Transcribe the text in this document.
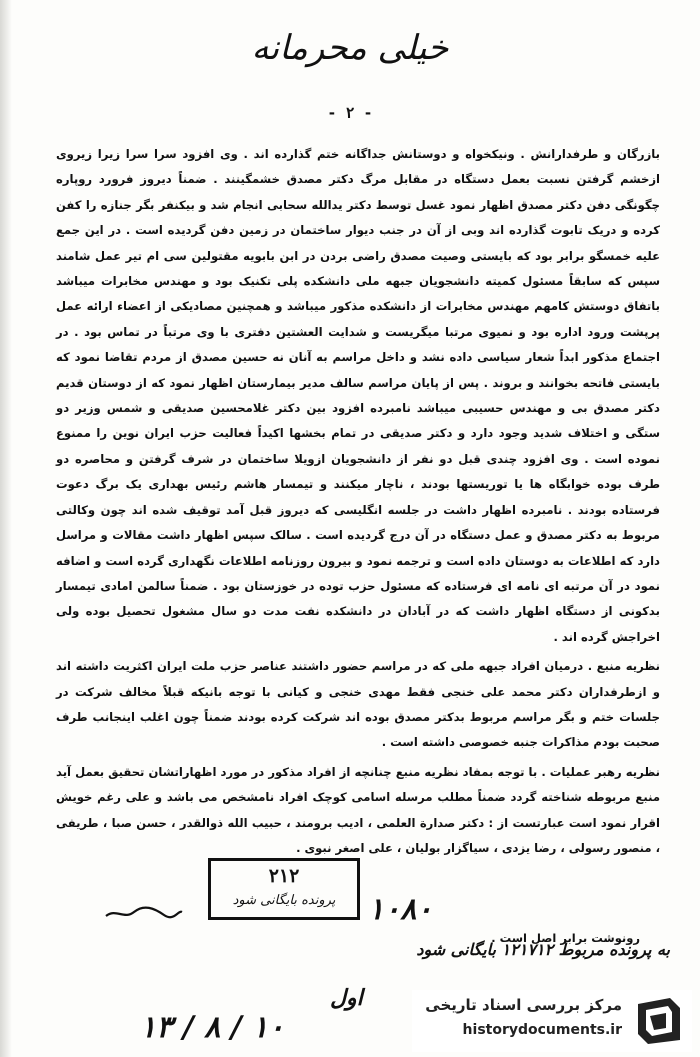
خیلی محرمانه
- ۲ -

بازرگان و طرفدارانش . ونیکخواه و دوستانش جداگانه ختم گذارده اند . وی افزود سرا سرا زیرا زیروی ازخشم گرفتن نسبت بعمل دستگاه در مقابل مرگ دکتر مصدق خشمگینند . ضمناً دیروز فرورد روپاره چگونگی دفن دکتر مصدق اظهار نمود غسل توسط دکتر یدالله سحابی انجام شد و بیکنفر بگر جنازه را کفن کرده و دریک تابوت گذارده اند وبی از آن در جنب دیوار ساختمان در زمین دفن گردیده است . در این جمع علیه خمسگو برابر بود که بایستی وصیت مصدق راضی بردن در ابن بابویه مقتولین سی ام تیر عمل شامند سپس که سابقاً مسئول کمیته دانشجویان جبهه ملی دانشکده پلی تکنیک بود و مهندس مخابرات میباشد باتفاق دوستش کامهم مهندس مخابرات از دانشکده مذکور میباشد و همچنین مصادیکی از اعضاء ارائه عمل پرپشت ورود اداره بود و نمیوی مرتبا میگریست و شدایت العشتین دفتری با وی مرتباً در تماس بود . در اجتماع مذکور ابداً شعار سیاسی داده نشد و داخل مراسم به آنان نه حسین مصدق از مردم تقاضا نمود که بایستی فاتحه بخوانند و بروند . پس از پایان مراسم سالف مدیر بیمارستان اظهار نمود که از دوستان قدیم دکتر مصدق بی و مهندس حسیبی میباشد نامبرده افزود بین دکتر غلامحسین صدیقی و شمس وزیر دو ستگی و اختلاف شدید وجود دارد و دکتر صدیقی در تمام بخشها اکیداً فعالیت حزب ایران نوین را ممنوع نموده است . وی افزود چندی قبل دو نفر از دانشجویان ازویلا ساختمان در شرف گرفتن و محاصره دو طرف بوده خوابگاه ها یا توریستها بودند ، ناچار میکنند و تیمسار هاشم رئیس بهداری یک برگ دعوت فرستاده بودند . نامبرده اظهار داشت در جلسه انگلیسی که دیروز قبل آمد توقیف شده اند چون وکالتی مربوط به دکتر مصدق و عمل دستگاه در آن درج گردیده است . سالک سپس اظهار داشت مقالات و مراسل دارد که اطلاعات به دوستان داده است و ترجمه نمود و بیرون روزنامه اطلاعات نگهداری گرده است و اضافه نمود در آن مرتبه ای نامه ای فرستاده که مسئول حزب توده در خوزستان بود . ضمناً سالمن امادی تیمسار بدکونی از دستگاه اظهار داشت که در آبادان در دانشکده نفت مدت دو سال مشغول تحصیل بوده ولی اخراجش گرده اند .

نظریه منبع . درمیان افراد جبهه ملی که در مراسم حضور داشتند عناصر حزب ملت ایران اکثریت داشته اند و ازطرفداران دکتر محمد علی خنجی فقط مهدی خنجی و کیانی با توجه بانیکه قبلاً مخالف شرکت در جلسات ختم و بگر مراسم مربوط بدکتر مصدق بوده اند شرکت کرده بودند ضمناً چون اغلب اینجانب طرف صحبت بودم مذاکرات جنبه خصوصی داشته است .

نظریه رهبر عملیات . با توجه بمفاد نظریه منبع چنانچه از افراد مذکور در مورد اظهاراتشان تحقیق بعمل آید منبع مربوطه شناخته گردد ضمناً مطلب مرسله اسامی کوچک افراد نامشخص می باشد و علی رغم خویش اقرار نمود است عبارتست از : دکتر صدارة العلمی ، ادیب برومند ، حبیب الله ذوالقدر ، حسن صبا ، طریفی ، منصور رسولی ، رضا یزدی ، سیاگزار بولیان ، علی اصغر نبوی .

رونوشت برابر اصل است .
۲۱۲
پرونده بایگانی شود	۱۰۸۰
به پرونده مربوط ۱۲۱۷۱۲ بایگانی شود
اول
۱۳ / ۸ / ۱۰
مرکز بررسی اسناد تاریخی
historydocuments.ir
